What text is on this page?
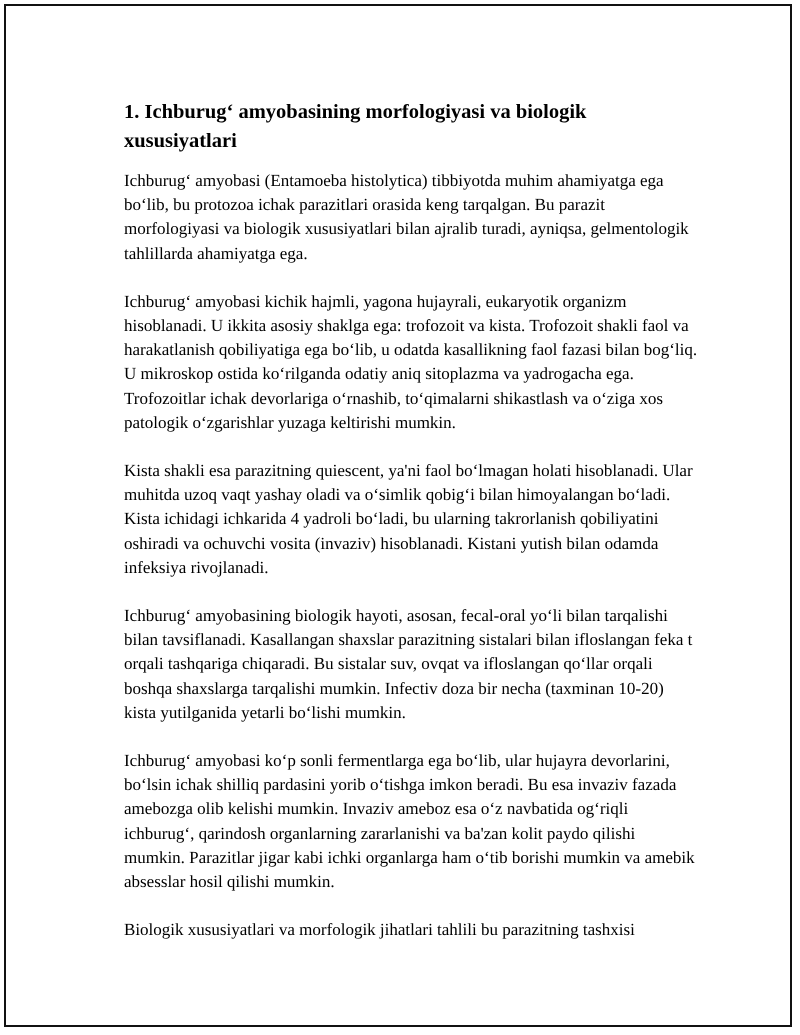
1. Ichburug‘ amyobasining morfologiyasi va biologik xususiyatlari

Ichburug‘ amyobasi (Entamoeba histolytica) tibbiyotda muhim ahamiyatga ega bo‘lib, bu protozoa ichak parazitlari orasida keng tarqalgan. Bu parazit morfologiyasi va biologik xususiyatlari bilan ajralib turadi, ayniqsa, gelmentologik tahlillarda ahamiyatga ega.

Ichburug‘ amyobasi kichik hajmli, yagona hujayrali, eukaryotik organizm hisoblanadi. U ikkita asosiy shaklga ega: trofozoit va kista. Trofozoit shakli faol va harakatlanish qobiliyatiga ega bo‘lib, u odatda kasallikning faol fazasi bilan bog‘liq. U mikroskop ostida ko‘rilganda odatiy aniq sitoplazma va yadrogacha ega. Trofozoitlar ichak devorlariga o‘rnashib, to‘qimalarni shikastlash va o‘ziga xos patologik o‘zgarishlar yuzaga keltirishi mumkin.

Kista shakli esa parazitning quiescent, ya'ni faol bo‘lmagan holati hisoblanadi. Ular muhitda uzoq vaqt yashay oladi va o‘simlik qobig‘i bilan himoyalangan bo‘ladi. Kista ichidagi ichkarida 4 yadroli bo‘ladi, bu ularning takrorlanish qobiliyatini oshiradi va ochuvchi vosita (invaziv) hisoblanadi. Kistani yutish bilan odamda infeksiya rivojlanadi.

Ichburug‘ amyobasining biologik hayoti, asosan, fecal-oral yo‘li bilan tarqalishi bilan tavsiflanadi. Kasallangan shaxslar parazitning sistalari bilan ifloslangan feka t orqali tashqariga chiqaradi. Bu sistalar suv, ovqat va ifloslangan qo‘llar orqali boshqa shaxslarga tarqalishi mumkin. Infectiv doza bir necha (taxminan 10-20) kista yutilganida yetarli bo‘lishi mumkin.

Ichburug‘ amyobasi ko‘p sonli fermentlarga ega bo‘lib, ular hujayra devorlarini, bo‘lsin ichak shilliq pardasini yorib o‘tishga imkon beradi. Bu esa invaziv fazada amebozga olib kelishi mumkin. Invaziv ameboz esa o‘z navbatida og‘riqli ichburug‘, qarindosh organlarning zararlanishi va ba'zan kolit paydo qilishi mumkin. Parazitlar jigar kabi ichki organlarga ham o‘tib borishi mumkin va amebik absesslar hosil qilishi mumkin.

Biologik xususiyatlari va morfologik jihatlari tahlili bu parazitning tashxisi
